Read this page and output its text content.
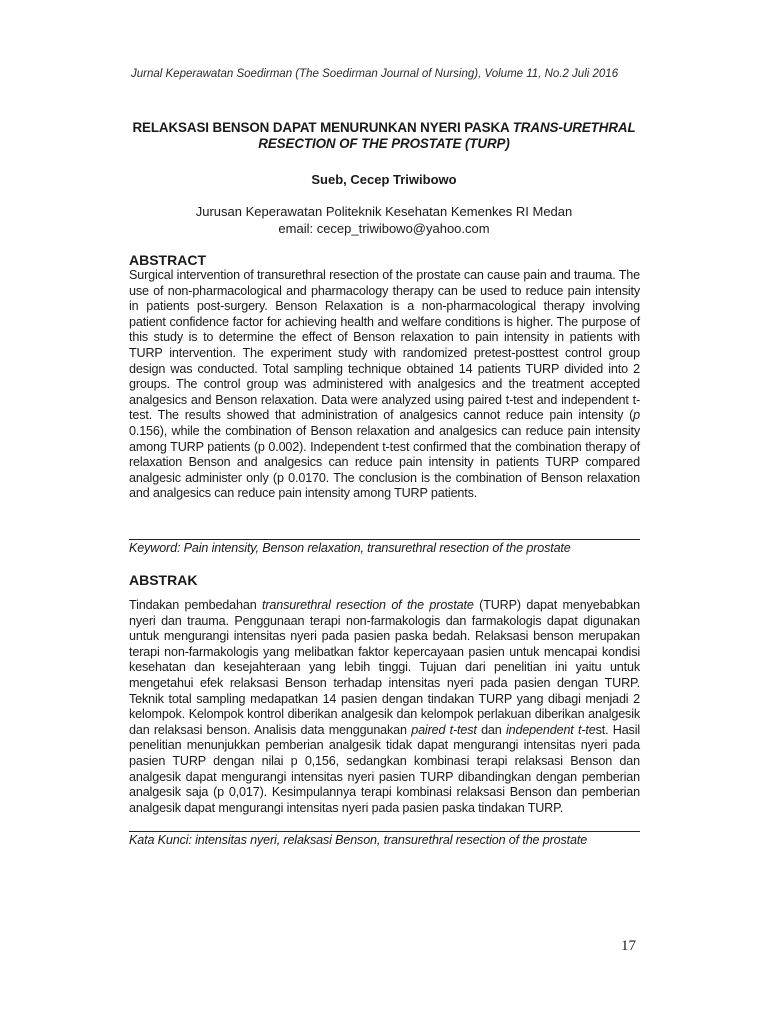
Jurnal Keperawatan Soedirman (The Soedirman Journal of Nursing), Volume 11, No.2 Juli 2016
RELAKSASI BENSON DAPAT MENURUNKAN NYERI PASKA TRANS-URETHRAL RESECTION OF THE PROSTATE (TURP)
Sueb, Cecep Triwibowo
Jurusan Keperawatan Politeknik Kesehatan Kemenkes RI Medan
email: cecep_triwibowo@yahoo.com
ABSTRACT

Surgical intervention of transurethral resection of the prostate can cause pain and trauma. The use of non-pharmacological and pharmacology therapy can be used to reduce pain intensity in patients post-surgery. Benson Relaxation is a non-pharmacological therapy involving patient confidence factor for achieving health and welfare conditions is higher. The purpose of this study is to determine the effect of Benson relaxation to pain intensity in patients with TURP intervention. The experiment study with randomized pretest-posttest control group design was conducted. Total sampling technique obtained 14 patients TURP divided into 2 groups. The control group was administered with analgesics and the treatment accepted analgesics and Benson relaxation. Data were analyzed using paired t-test and independent t-test. The results showed that administration of analgesics cannot reduce pain intensity (p 0.156), while the combination of Benson relaxation and analgesics can reduce pain intensity among TURP patients (p 0.002). Independent t-test confirmed that the combination therapy of relaxation Benson and analgesics can reduce pain intensity in patients TURP compared analgesic administer only (p 0.0170. The conclusion is the combination of Benson relaxation and analgesics can reduce pain intensity among TURP patients.

Keyword: Pain intensity, Benson relaxation, transurethral resection of the prostate
ABSTRAK

Tindakan pembedahan transurethral resection of the prostate (TURP) dapat menyebabkan nyeri dan trauma. Penggunaan terapi non-farmakologis dan farmakologis dapat digunakan untuk mengurangi intensitas nyeri pada pasien paska bedah. Relaksasi benson merupakan terapi non-farmakologis yang melibatkan faktor kepercayaan pasien untuk mencapai kondisi kesehatan dan kesejahteraan yang lebih tinggi. Tujuan dari penelitian ini yaitu untuk mengetahui efek relaksasi Benson terhadap intensitas nyeri pada pasien dengan TURP. Teknik total sampling medapatkan 14 pasien dengan tindakan TURP yang dibagi menjadi 2 kelompok. Kelompok kontrol diberikan analgesik dan kelompok perlakuan diberikan analgesik dan relaksasi benson. Analisis data menggunakan paired t-test dan independent t-test. Hasil penelitian menunjukkan pemberian analgesik tidak dapat mengurangi intensitas nyeri pada pasien TURP dengan nilai p 0,156, sedangkan kombinasi terapi relaksasi Benson dan analgesik dapat mengurangi intensitas nyeri pasien TURP dibandingkan dengan pemberian analgesik saja (p 0,017). Kesimpulannya terapi kombinasi relaksasi Benson dan pemberian analgesik dapat mengurangi intensitas nyeri pada pasien paska tindakan TURP.

Kata Kunci: intensitas nyeri, relaksasi Benson, transurethral resection of the prostate
17
